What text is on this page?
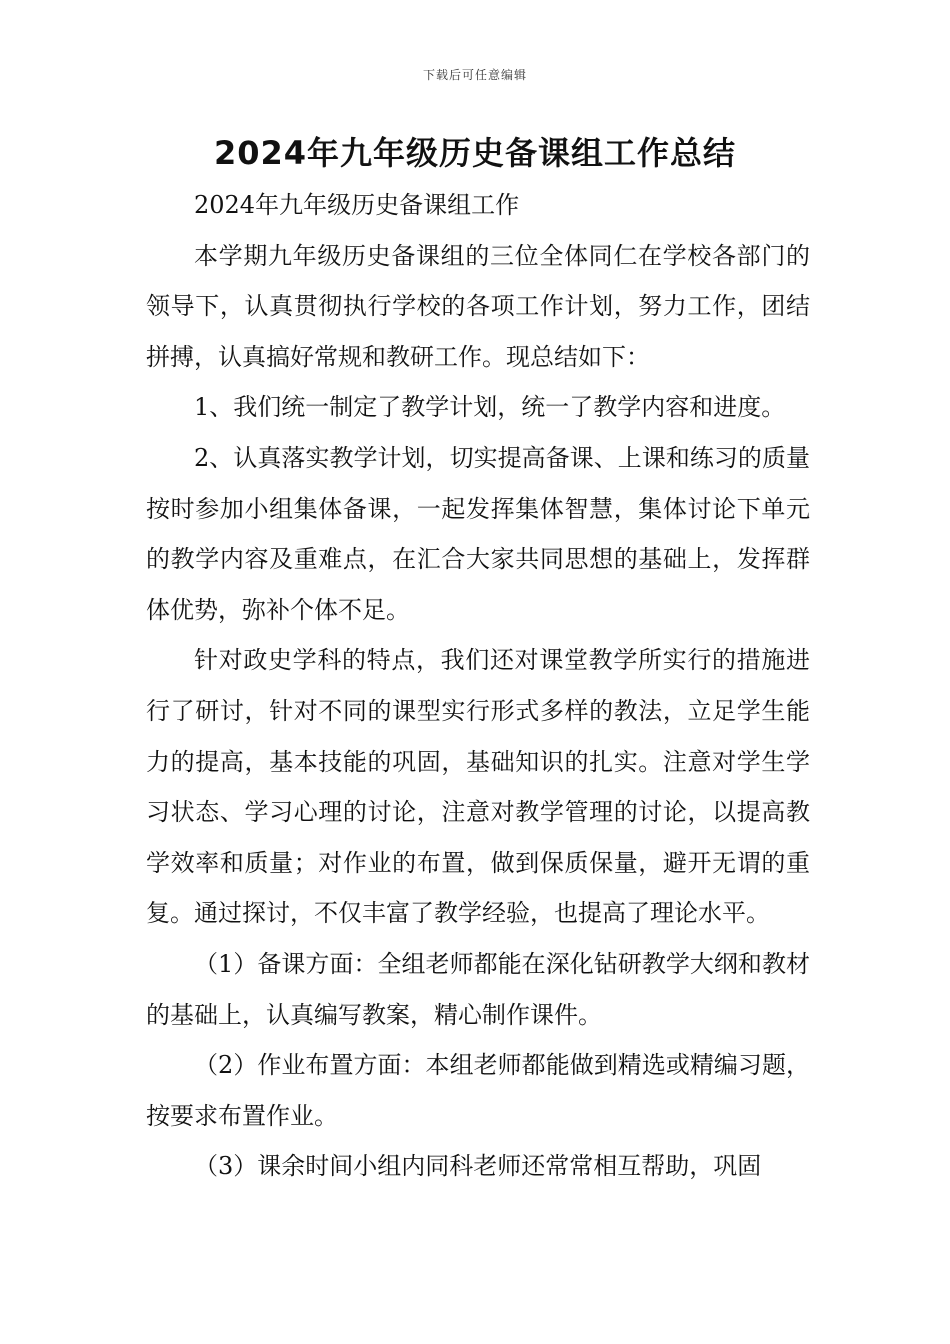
下载后可任意编辑
2024年九年级历史备课组工作总结

2024年九年级历史备课组工作

本学期九年级历史备课组的三位全体同仁在学校各部门的领导下，认真贯彻执行学校的各项工作计划，努力工作，团结拼搏，认真搞好常规和教研工作。现总结如下：

1、我们统一制定了教学计划，统一了教学内容和进度。

2、认真落实教学计划，切实提高备课、上课和练习的质量按时参加小组集体备课，一起发挥集体智慧，集体讨论下单元的教学内容及重难点，在汇合大家共同思想的基础上，发挥群体优势，弥补个体不足。

针对政史学科的特点，我们还对课堂教学所实行的措施进行了研讨，针对不同的课型实行形式多样的教法，立足学生能力的提高，基本技能的巩固，基础知识的扎实。注意对学生学习状态、学习心理的讨论，注意对教学管理的讨论，以提高教学效率和质量；对作业的布置，做到保质保量，避开无谓的重复。通过探讨，不仅丰富了教学经验，也提高了理论水平。

（1）备课方面：全组老师都能在深化钻研教学大纲和教材的基础上，认真编写教案，精心制作课件。

（2）作业布置方面：本组老师都能做到精选或精编习题，按要求布置作业。

（3）课余时间小组内同科老师还常常相互帮助，巩固
